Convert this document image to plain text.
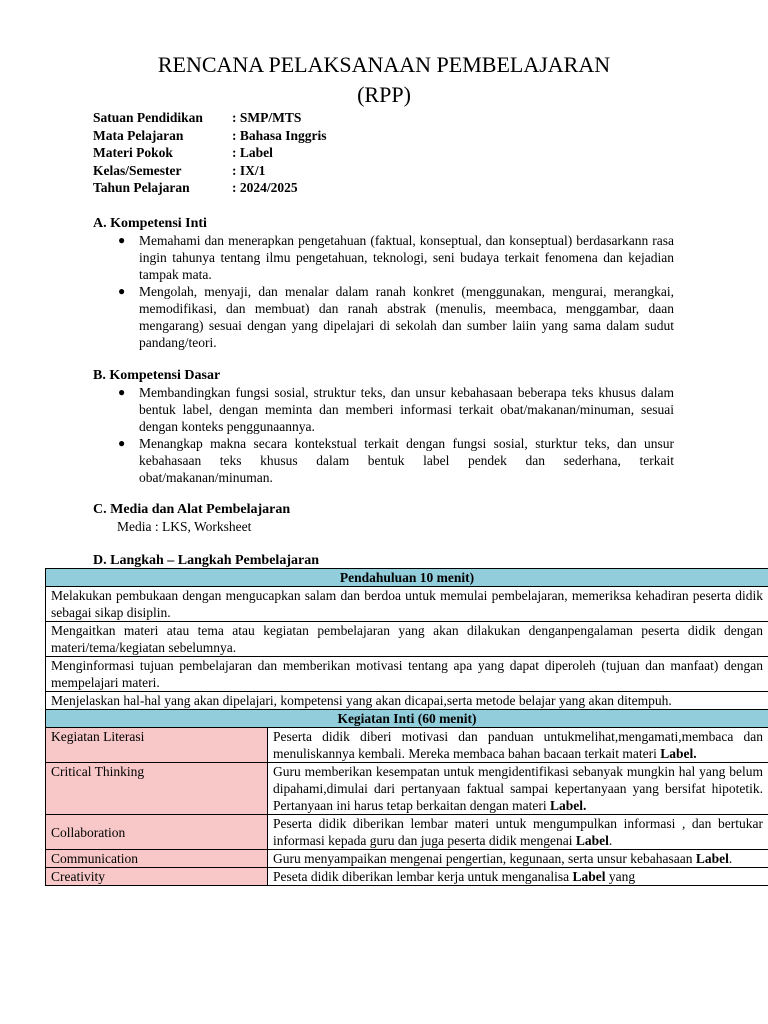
RENCANA PELAKSANAAN PEMBELAJARAN
(RPP)
Satuan Pendidikan	: SMP/MTS
Mata Pelajaran	: Bahasa Inggris
Materi Pokok	: Label
Kelas/Semester	: IX/1
Tahun Pelajaran	: 2024/2025
A. Kompetensi Inti
● Memahami dan menerapkan pengetahuan (faktual, konseptual, dan konseptual) berdasarkann rasa ingin tahunya tentang ilmu pengetahuan, teknologi, seni budaya terkait fenomena dan kejadian tampak mata.
● Mengolah, menyaji, dan menalar dalam ranah konkret (menggunakan, mengurai, merangkai, memodifikasi, dan membuat) dan ranah abstrak (menulis, meembaca, menggambar, daan mengarang) sesuai dengan yang dipelajari di sekolah dan sumber laiin yang sama dalam sudut pandang/teori.
B. Kompetensi Dasar
● Membandingkan fungsi sosial, struktur teks, dan unsur kebahasaan beberapa teks khusus dalam bentuk label, dengan meminta dan memberi informasi terkait obat/makanan/minuman, sesuai dengan konteks penggunaannya.
● Menangkap makna secara kontekstual terkait dengan fungsi sosial, sturktur teks, dan unsur kebahasaan teks khusus dalam bentuk label pendek dan sederhana, terkait obat/makanan/minuman.
C. Media dan Alat Pembelajaran
Media : LKS, Worksheet
D. Langkah – Langkah Pembelajaran
Pendahuluan 10 menit)	
Melakukan pembukaan dengan mengucapkan salam dan berdoa untuk memulai pembelajaran, memeriksa kehadiran peserta didik sebagai sikap disiplin.	
Mengaitkan materi atau tema atau kegiatan pembelajaran yang akan dilakukan denganpengalaman peserta didik dengan materi/tema/kegiatan sebelumnya.	
Menginformasi tujuan pembelajaran dan memberikan motivasi tentang apa yang dapat diperoleh (tujuan dan manfaat) dengan mempelajari materi.	
Menjelaskan hal-hal yang akan dipelajari, kompetensi yang akan dicapai,serta metode belajar yang akan ditempuh.	
Kegiatan Inti (60 menit)	
Kegiatan Literasi	Peserta didik diberi motivasi dan panduan untukmelihat,mengamati,membaca dan menuliskannya kembali. Mereka membaca bahan bacaan terkait materi Label.
Critical Thinking	Guru memberikan kesempatan untuk mengidentifikasi sebanyak mungkin hal yang belum dipahami,dimulai dari pertanyaan faktual sampai kepertanyaan yang bersifat hipotetik. Pertanyaan ini harus tetap berkaitan dengan materi Label.
Collaboration	Peserta didik diberikan lembar materi untuk mengumpulkan informasi , dan bertukar informasi kepada guru dan juga peserta didik mengenai Label.
Communication	Guru menyampaikan mengenai pengertian, kegunaan, serta unsur kebahasaan Label.
Creativity	Peseta didik diberikan lembar kerja untuk menganalisa Label yang
